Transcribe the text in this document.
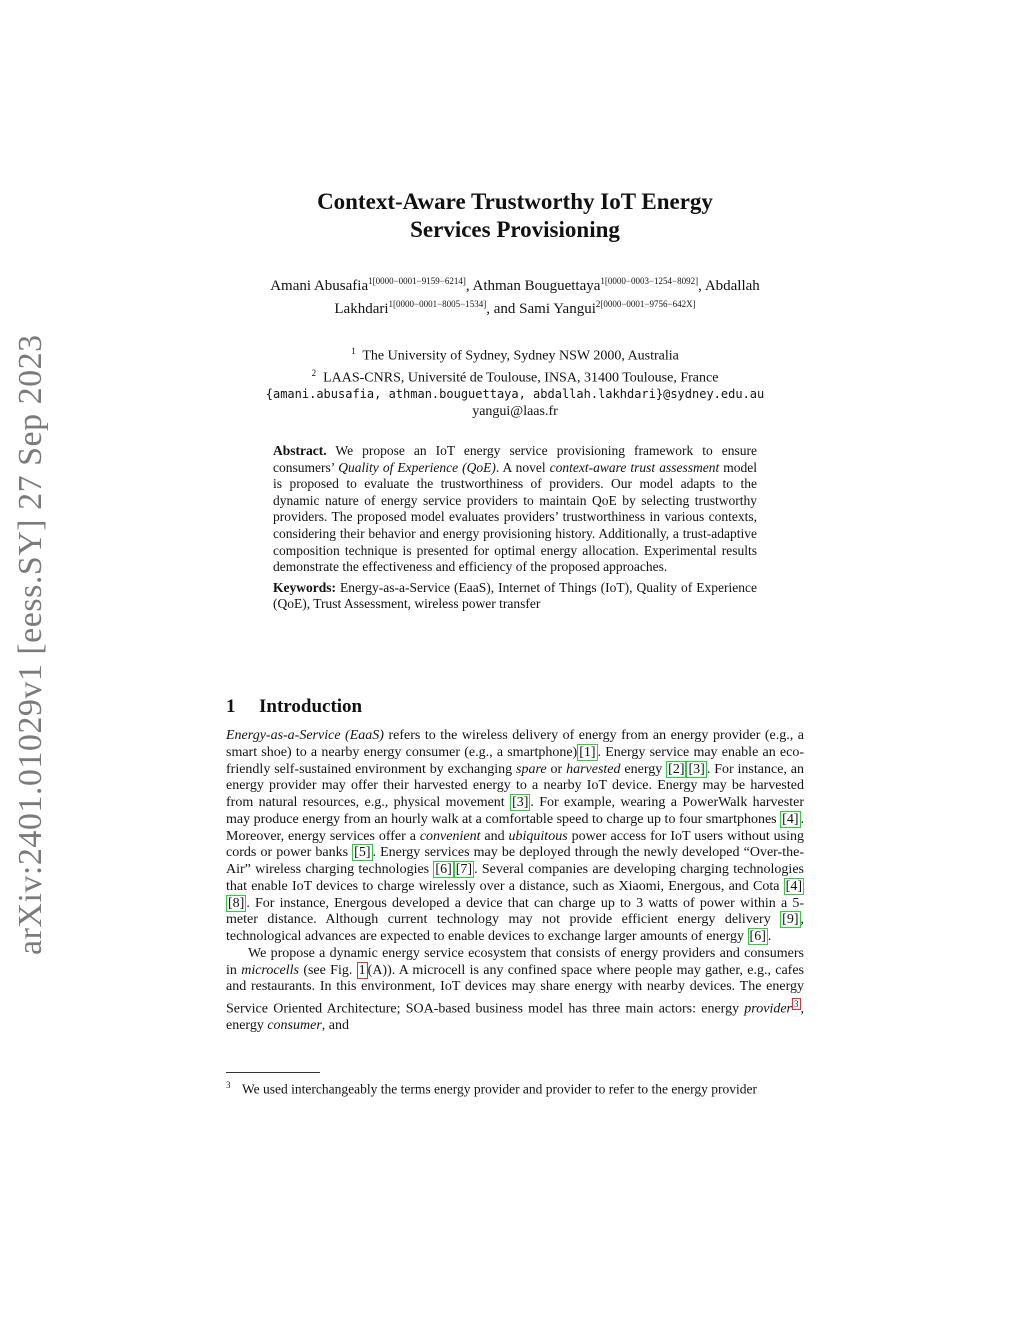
arXiv:2401.01029v1 [eess.SY] 27 Sep 2023
Context-Aware Trustworthy IoT Energy
Services Provisioning
Amani Abusafia$^{1[0000-0001-9159-6214]}$, Athman Bouguettaya$^{1[0000-0003-1254-8092]}$, Abdallah Lakhdari$^{1[0000-0001-8005-1534]}$, and Sami Yangui$^{2[0000-0001-9756-642X]}$
$^1$ The University of Sydney, Sydney NSW 2000, Australia
$^2$ LAAS-CNRS, Université de Toulouse, INSA, 31400 Toulouse, France
{amani.abusafia, athman.bouguettaya, abdallah.lakhdari}@sydney.edu.au
yangui@laas.fr

Abstract. We propose an IoT energy service provisioning framework to ensure consumers’ Quality of Experience (QoE). A novel context-aware trust assessment model is proposed to evaluate the trustworthiness of providers. Our model adapts to the dynamic nature of energy service providers to maintain QoE by selecting trustworthy providers. The proposed model evaluates providers’ trustworthiness in various contexts, considering their behavior and energy provisioning history. Additionally, a trust-adaptive composition technique is presented for optimal energy allocation. Experimental results demonstrate the effectiveness and efficiency of the proposed approaches.

Keywords: Energy-as-a-Service (EaaS), Internet of Things (IoT), Quality of Experience (QoE), Trust Assessment, wireless power transfer

1 Introduction

Energy-as-a-Service (EaaS) refers to the wireless delivery of energy from an energy provider (e.g., a smart shoe) to a nearby energy consumer (e.g., a smartphone) [1] . Energy service may enable an eco-friendly self-sustained environment by exchanging spare or harvested energy [2] [3] . For instance, an energy provider may offer their harvested energy to a nearby IoT device. Energy may be harvested from natural resources, e.g., physical movement [3] . For example, wearing a PowerWalk harvester may produce energy from an hourly walk at a comfortable speed to charge up to four smartphones [4] . Moreover, energy services offer a convenient and ubiquitous power access for IoT users without using cords or power banks [5] . Energy services may be deployed through the newly developed “Over-the-Air” wireless charging technologies [6] [7] . Several companies are developing charging technologies that enable IoT devices to charge wirelessly over a distance, such as Xiaomi, Energous, and Cota [4][8] . For instance, Energous developed a device that can charge up to 3 watts of power within a 5-meter distance. Although current technology may not provide efficient energy delivery [9] , technological advances are expected to enable devices to exchange larger amounts of energy [6] .

We propose a dynamic energy service ecosystem that consists of energy providers and consumers in microcells (see Fig. 1 (A)). A microcell is any confined space where people may gather, e.g., cafes and restaurants. In this environment, IoT devices may share energy with nearby devices. The energy Service Oriented Architecture; SOA-based business model has three main actors: energy provider $^3$ , energy consumer, and

$^3$ We used interchangeably the terms energy provider and provider to refer to the energy provider
